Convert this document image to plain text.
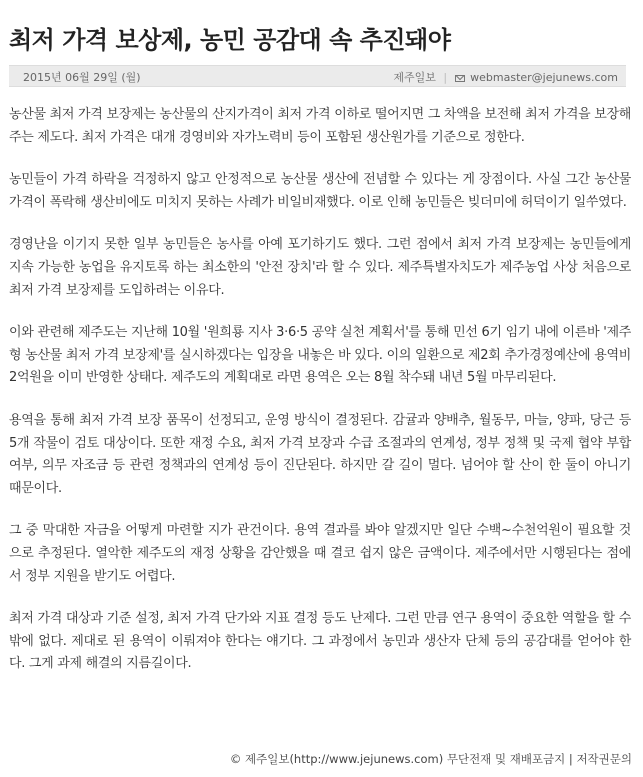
최저 가격 보상제, 농민 공감대 속 추진돼야
2015년 06월 29일 (월)	제주일보 | webmaster@jejunews.com

농산물 최저 가격 보장제는 농산물의 산지가격이 최저 가격 이하로 떨어지면 그 차액을 보전해 최저 가격을 보장해주는 제도다. 최저 가격은 대개 경영비와 자가노력비 등이 포함된 생산원가를 기준으로 정한다.

농민들이 가격 하락을 걱정하지 않고 안정적으로 농산물 생산에 전념할 수 있다는 게 장점이다. 사실 그간 농산물 가격이 폭락해 생산비에도 미치지 못하는 사례가 비일비재했다. 이로 인해 농민들은 빚더미에 허덕이기 일쑤였다.

경영난을 이기지 못한 일부 농민들은 농사를 아예 포기하기도 했다. 그런 점에서 최저 가격 보장제는 농민들에게 지속 가능한 농업을 유지토록 하는 최소한의 '안전 장치'라 할 수 있다. 제주특별자치도가 제주농업 사상 처음으로 최저 가격 보장제를 도입하려는 이유다.

이와 관련해 제주도는 지난해 10월 '원희룡 지사 3·6·5 공약 실천 계획서'를 통해 민선 6기 임기 내에 이른바 '제주형 농산물 최저 가격 보장제'를 실시하겠다는 입장을 내놓은 바 있다. 이의 일환으로 제2회 추가경정예산에 용역비 2억원을 이미 반영한 상태다. 제주도의 계획대로 라면 용역은 오는 8월 착수돼 내년 5월 마무리된다.

용역을 통해 최저 가격 보장 품목이 선정되고, 운영 방식이 결정된다. 감귤과 양배추, 월동무, 마늘, 양파, 당근 등 5개 작물이 검토 대상이다. 또한 재정 수요, 최저 가격 보장과 수급 조절과의 연계성, 정부 정책 및 국제 협약 부합 여부, 의무 자조금 등 관련 정책과의 연계성 등이 진단된다. 하지만 갈 길이 멀다. 넘어야 할 산이 한 둘이 아니기 때문이다.

그 중 막대한 자금을 어떻게 마련할 지가 관건이다. 용역 결과를 봐야 알겠지만 일단 수백~수천억원이 필요할 것으로 추정된다. 열악한 제주도의 재정 상황을 감안했을 때 결코 쉽지 않은 금액이다. 제주에서만 시행된다는 점에서 정부 지원을 받기도 어렵다.

최저 가격 대상과 기준 설정, 최저 가격 단가와 지표 결정 등도 난제다. 그런 만큼 연구 용역이 중요한 역할을 할 수밖에 없다. 제대로 된 용역이 이뤄져야 한다는 얘기다. 그 과정에서 농민과 생산자 단체 등의 공감대를 얻어야 한다. 그게 과제 해결의 지름길이다.

© 제주일보(http://www.jejunews.com) 무단전재 및 재배포금지 | 저작권문의
